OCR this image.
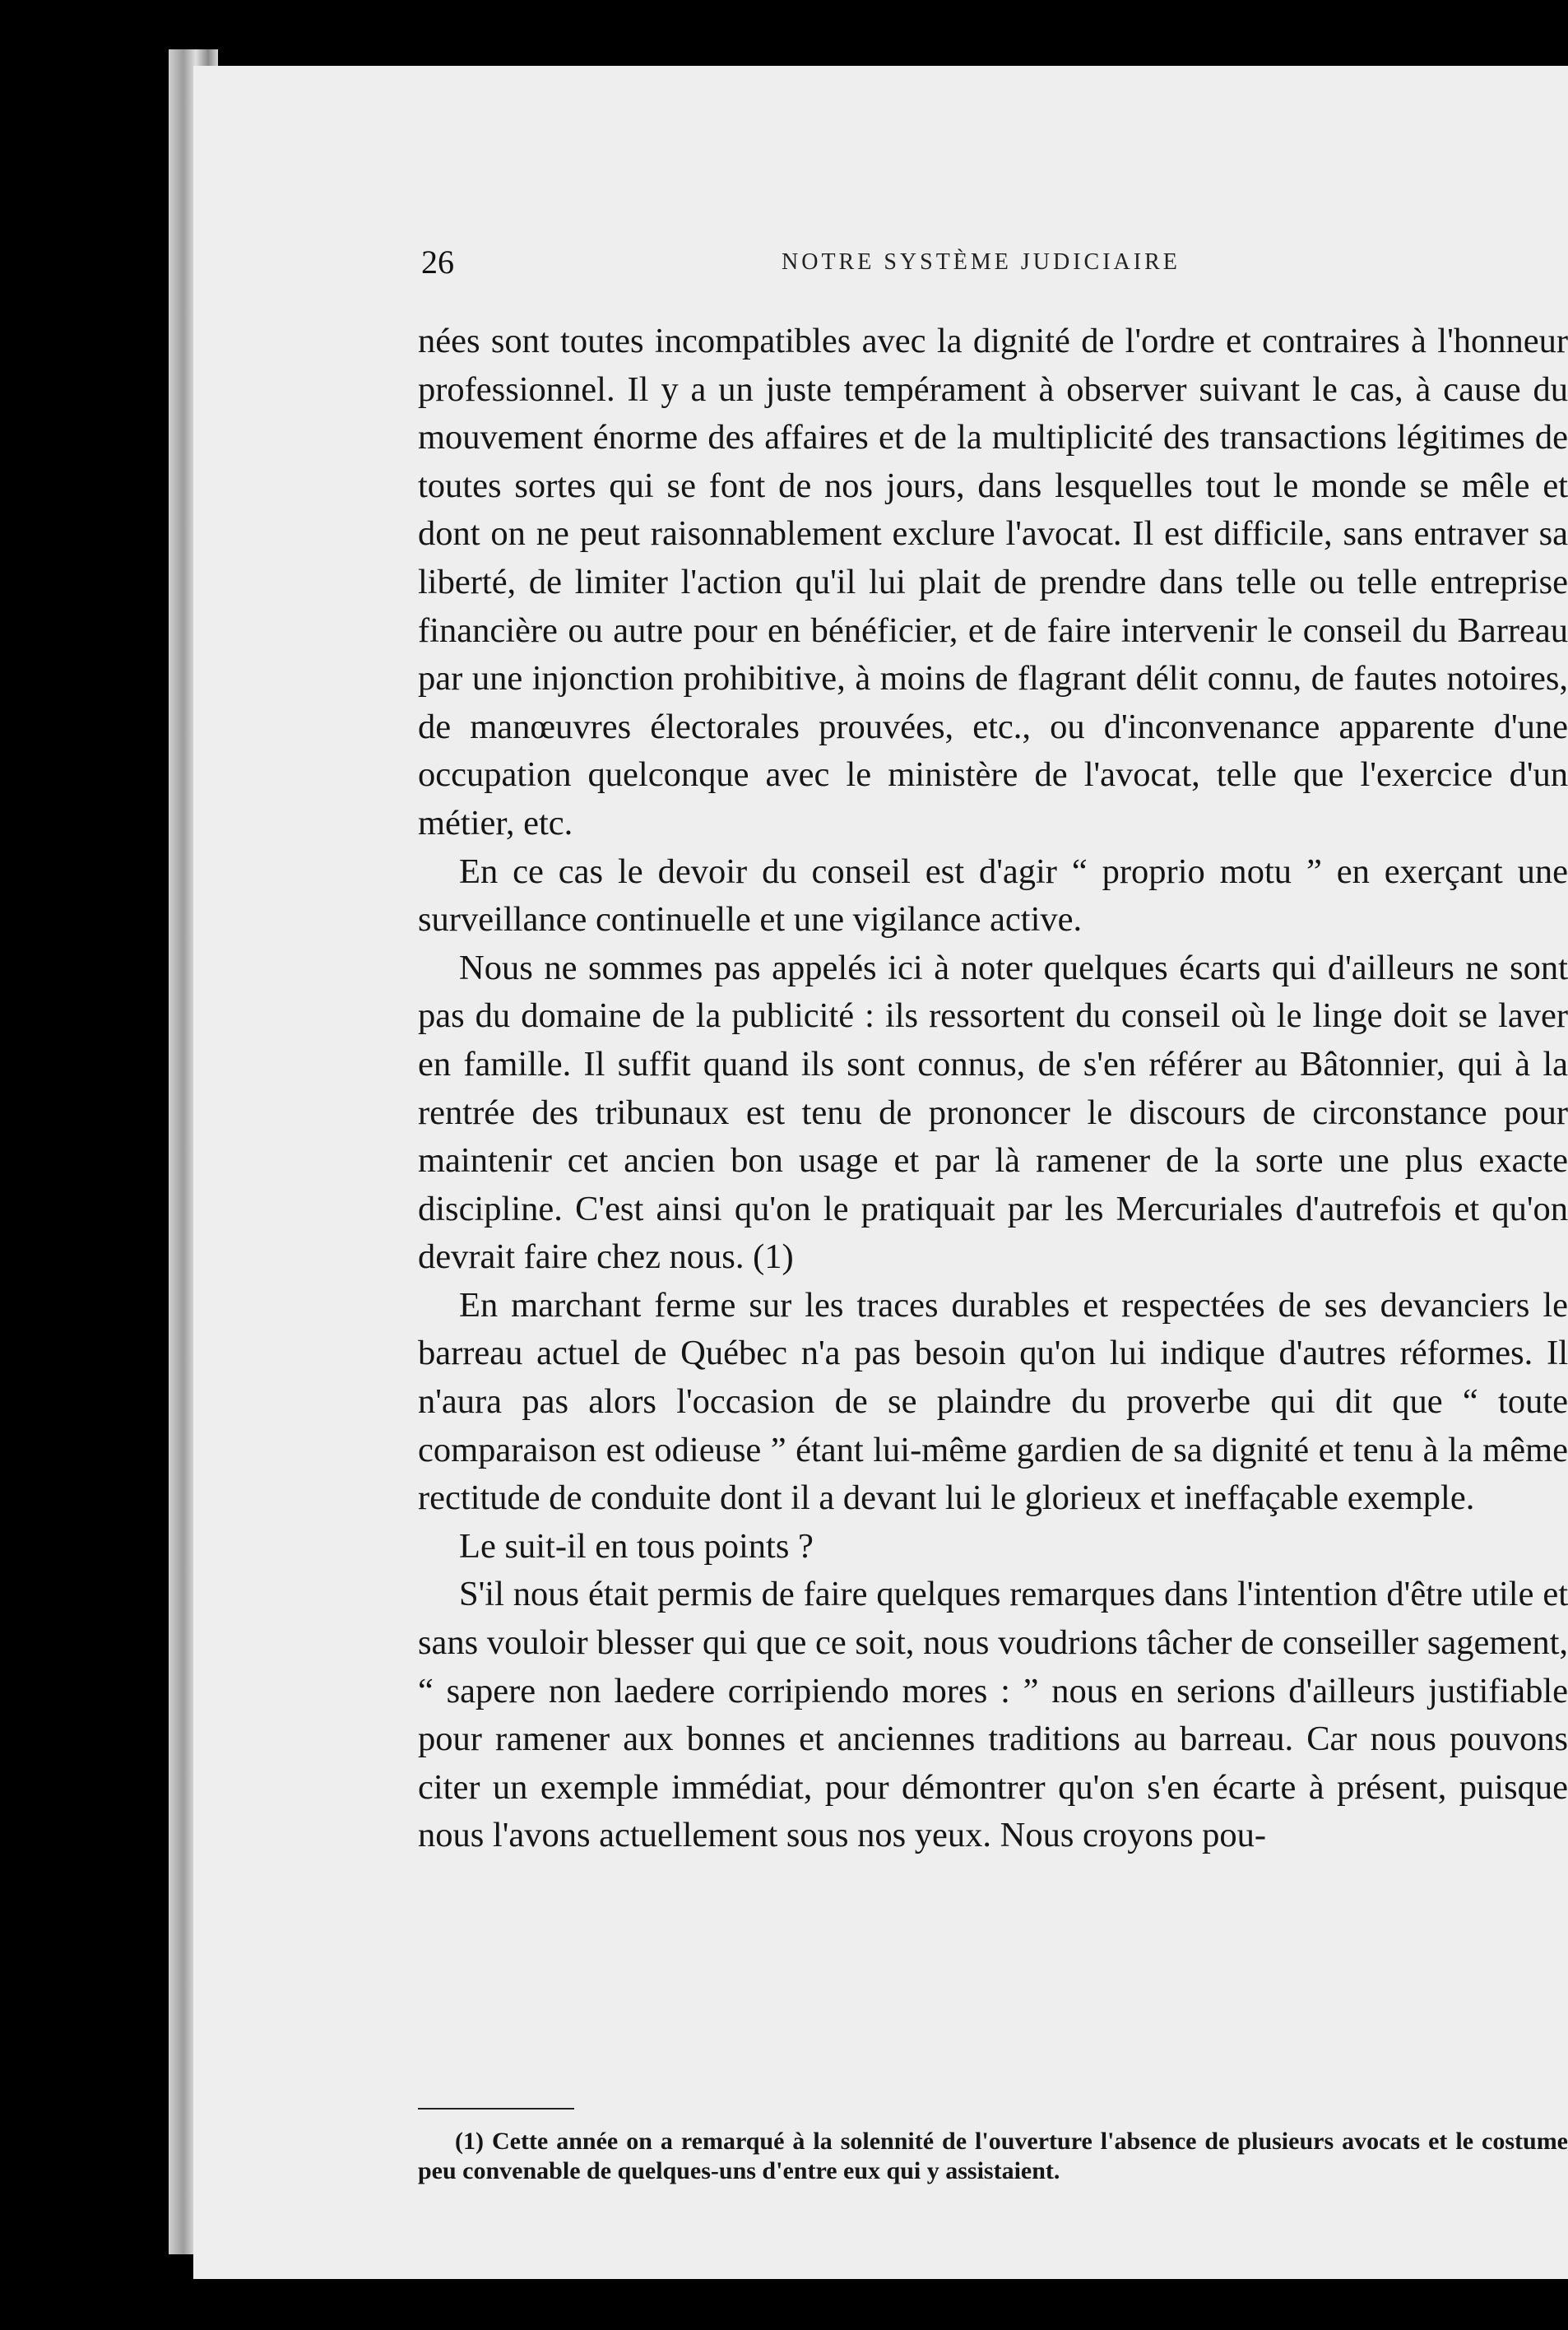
26	NOTRE SYSTÈME JUDICIAIRE

nées sont toutes incompatibles avec la dignité de l'ordre et contraires à l'honneur professionnel. Il y a un juste tempérament à observer suivant le cas, à cause du mouvement énorme des affaires et de la multiplicité des transactions légitimes de toutes sortes qui se font de nos jours, dans lesquelles tout le monde se mêle et dont on ne peut raisonnablement exclure l'avocat. Il est difficile, sans entraver sa liberté, de limiter l'action qu'il lui plait de prendre dans telle ou telle entreprise financière ou autre pour en bénéficier, et de faire intervenir le conseil du Barreau par une injonction prohibitive, à moins de flagrant délit connu, de fautes notoires, de manœuvres électorales prouvées, etc., ou d'inconvenance apparente d'une occupation quelconque avec le ministère de l'avocat, telle que l'exercice d'un métier, etc.

En ce cas le devoir du conseil est d'agir “ proprio motu ” en exerçant une surveillance continuelle et une vigilance active.

Nous ne sommes pas appelés ici à noter quelques écarts qui d'ailleurs ne sont pas du domaine de la publicité : ils ressortent du conseil où le linge doit se laver en famille. Il suffit quand ils sont connus, de s'en référer au Bâtonnier, qui à la rentrée des tribunaux est tenu de prononcer le discours de circonstance pour maintenir cet ancien bon usage et par là ramener de la sorte une plus exacte discipline. C'est ainsi qu'on le pratiquait par les Mercuriales d'autrefois et qu'on devrait faire chez nous. (1)

En marchant ferme sur les traces durables et respectées de ses devanciers le barreau actuel de Québec n'a pas besoin qu'on lui indique d'autres réformes. Il n'aura pas alors l'occasion de se plaindre du proverbe qui dit que “ toute comparaison est odieuse ” étant lui-même gardien de sa dignité et tenu à la même rectitude de conduite dont il a devant lui le glorieux et ineffaçable exemple.

Le suit-il en tous points ?

S'il nous était permis de faire quelques remarques dans l'intention d'être utile et sans vouloir blesser qui que ce soit, nous voudrions tâcher de conseiller sagement, “ sapere non laedere corripiendo mores : ” nous en serions d'ailleurs justifiable pour ramener aux bonnes et anciennes traditions au barreau. Car nous pouvons citer un exemple immédiat, pour démontrer qu'on s'en écarte à présent, puisque nous l'avons actuellement sous nos yeux. Nous croyons pou-

(1) Cette année on a remarqué à la solennité de l'ouverture l'absence de plusieurs avocats et le costume peu convenable de quelques-uns d'entre eux qui y assistaient.
